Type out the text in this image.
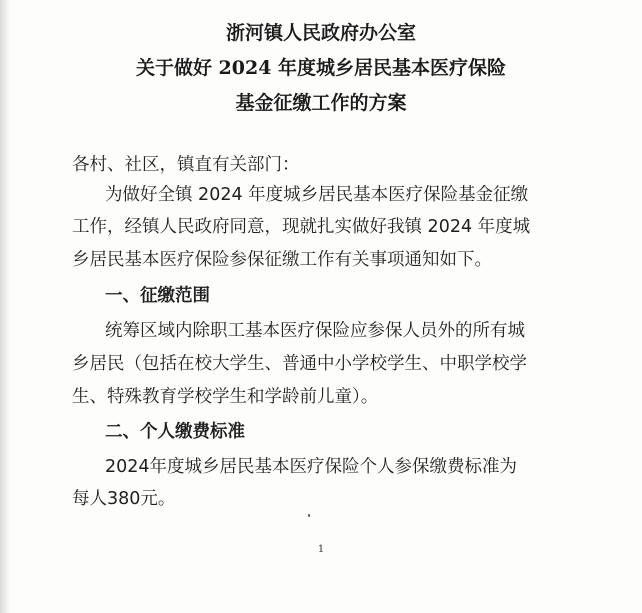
浙河镇人民政府办公室
关于做好 2024 年度城乡居民基本医疗保险
基金征缴工作的方案
各村、社区，镇直有关部门：
为做好全镇 2024 年度城乡居民基本医疗保险基金征缴
工作，经镇人民政府同意，现就扎实做好我镇 2024 年度城
乡居民基本医疗保险参保征缴工作有关事项通知如下。
一、征缴范围
统筹区域内除职工基本医疗保险应参保人员外的所有城
乡居民（包括在校大学生、普通中小学校学生、中职学校学
生、特殊教育学校学生和学龄前儿童）。
二、个人缴费标准
2024年度城乡居民基本医疗保险个人参保缴费标准为
每人380元。
1
